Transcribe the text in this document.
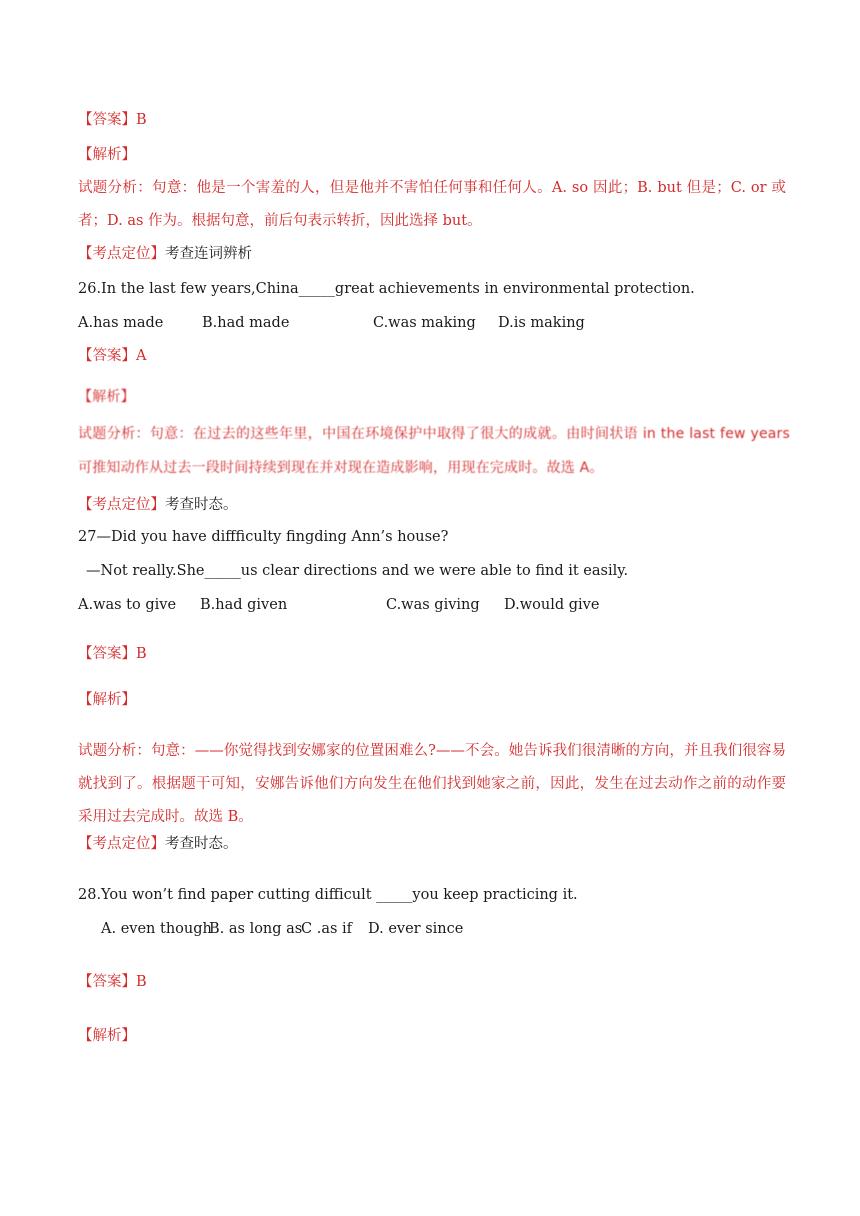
【答案】B
【解析】
试题分析：句意：他是一个害羞的人，但是他并不害怕任何事和任何人。A. so 因此；B. but 但是；C. or 或者；D. as 作为。根据句意，前后句表示转折，因此选择 but。
【考点定位】考查连词辨析
26.In the last few years,China_____great achievements in environmental protection.
A.has made	B.had made	C.was making D.is making
【答案】A
【解析】
试题分析：句意：在过去的这些年里，中国在环境保护中取得了很大的成就。由时间状语 in the last few years 可推知动作从过去一段时间持续到现在并对现在造成影响，用现在完成时。故选 A。
【考点定位】考查时态。
27—Did you have diffficulty fingding Ann’s house?
—Not really.She_____us clear directions and we were able to find it easily.
A.was to give B.had given	C.was giving D.would give
【答案】B
【解析】
试题分析：句意：——你觉得找到安娜家的位置困难么?——不会。她告诉我们很清晰的方向，并且我们很容易就找到了。根据题干可知，安娜告诉他们方向发生在他们找到她家之前，因此，发生在过去动作之前的动作要采用过去完成时。故选 B。
【考点定位】考查时态。
28.You won’t find paper cutting difficult _____you keep practicing it.
A. even thoughB. as long asC .as if D. ever since
【答案】B
【解析】
